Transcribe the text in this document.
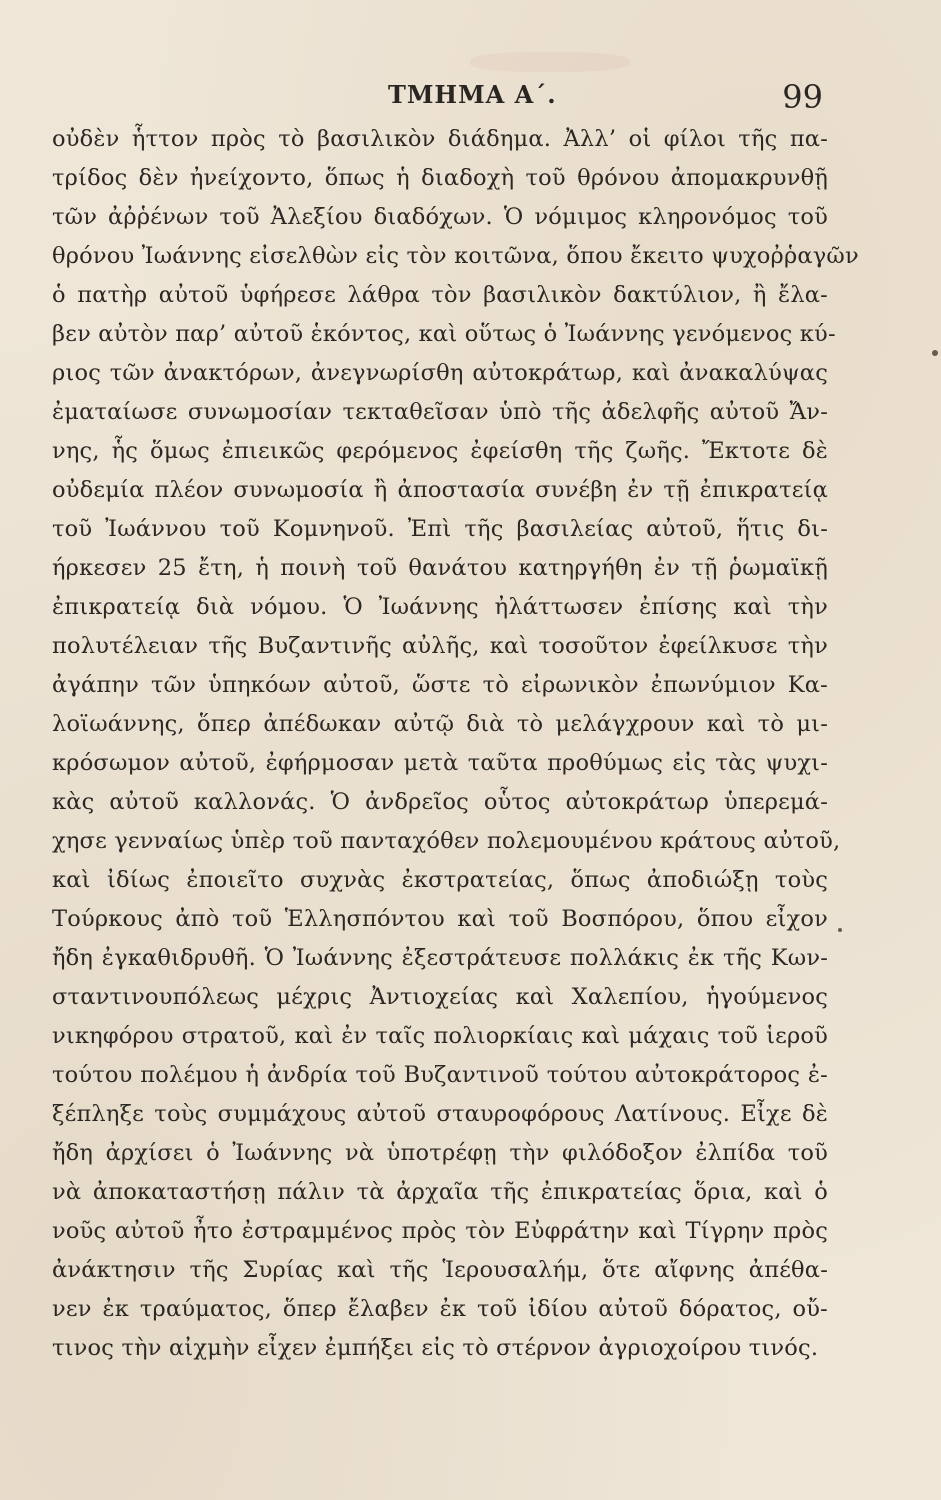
ΤΜΗΜΑ Α΄.	99
οὐδὲν ἧττον πρὸς τὸ βασιλικὸν διάδημα. Ἀλλ’ οἱ φίλοι τῆς πα-
τρίδος δὲν ἠνείχοντο, ὅπως ἡ διαδοχὴ τοῦ θρόνου ἀπομακρυνθῇ
τῶν ἀῤῥένων τοῦ Ἀλεξίου διαδόχων. Ὁ νόμιμος κληρονόμος τοῦ
θρόνου Ἰωάννης εἰσελθὼν εἰς τὸν κοιτῶνα, ὅπου ἔκειτο ψυχοῤῥαγῶν
ὁ πατὴρ αὐτοῦ ὑφήρεσε λάθρα τὸν βασιλικὸν δακτύλιον, ἢ ἔλα-
βεν αὐτὸν παρ’ αὐτοῦ ἑκόντος, καὶ οὕτως ὁ Ἰωάννης γενόμενος κύ-
ριος τῶν ἀνακτόρων, ἀνεγνωρίσθη αὐτοκράτωρ, καὶ ἀνακαλύψας
ἐματαίωσε συνωμοσίαν τεκταθεῖσαν ὑπὸ τῆς ἀδελφῆς αὐτοῦ Ἄν-
νης, ἧς ὅμως ἐπιεικῶς φερόμενος ἐφείσθη τῆς ζωῆς. Ἔκτοτε δὲ
οὐδεμία πλέον συνωμοσία ἢ ἀποστασία συνέβη ἐν τῇ ἐπικρατείᾳ
τοῦ Ἰωάννου τοῦ Κομνηνοῦ. Ἐπὶ τῆς βασιλείας αὐτοῦ, ἥτις δι-
ήρκεσεν 25 ἔτη, ἡ ποινὴ τοῦ θανάτου κατηργήθη ἐν τῇ ῥωμαϊκῇ
ἐπικρατείᾳ διὰ νόμου. Ὁ Ἰωάννης ἠλάττωσεν ἐπίσης καὶ τὴν
πολυτέλειαν τῆς Βυζαντινῆς αὐλῆς, καὶ τοσοῦτον ἐφείλκυσε τὴν
ἀγάπην τῶν ὑπηκόων αὐτοῦ, ὥστε τὸ εἰρωνικὸν ἐπωνύμιον Κα-
λοϊωάννης, ὅπερ ἀπέδωκαν αὐτῷ διὰ τὸ μελάγχρουν καὶ τὸ μι-
κρόσωμον αὐτοῦ, ἐφήρμοσαν μετὰ ταῦτα προθύμως εἰς τὰς ψυχι-
κὰς αὐτοῦ καλλονάς. Ὁ ἀνδρεῖος οὗτος αὐτοκράτωρ ὑπερεμά-
χησε γενναίως ὑπὲρ τοῦ πανταχόθεν πολεμουμένου κράτους αὐτοῦ,
καὶ ἰδίως ἐποιεῖτο συχνὰς ἐκστρατείας, ὅπως ἀποδιώξῃ τοὺς
Τούρκους ἀπὸ τοῦ Ἑλλησπόντου καὶ τοῦ Βοσπόρου, ὅπου εἶχον
ἤδη ἐγκαθιδρυθῆ. Ὁ Ἰωάννης ἐξεστράτευσε πολλάκις ἐκ τῆς Κων-
σταντινουπόλεως μέχρις Ἀντιοχείας καὶ Χαλεπίου, ἡγούμενος
νικηφόρου στρατοῦ, καὶ ἐν ταῖς πολιορκίαις καὶ μάχαις τοῦ ἱεροῦ
τούτου πολέμου ἡ ἀνδρία τοῦ Βυζαντινοῦ τούτου αὐτοκράτορος ἐ-
ξέπληξε τοὺς συμμάχους αὐτοῦ σταυροφόρους Λατίνους. Εἶχε δὲ
ἤδη ἀρχίσει ὁ Ἰωάννης νὰ ὑποτρέφῃ τὴν φιλόδοξον ἐλπίδα τοῦ
νὰ ἀποκαταστήσῃ πάλιν τὰ ἀρχαῖα τῆς ἐπικρατείας ὅρια, καὶ ὁ
νοῦς αὐτοῦ ἦτο ἐστραμμένος πρὸς τὸν Εὐφράτην καὶ Τίγρην πρὸς
ἀνάκτησιν τῆς Συρίας καὶ τῆς Ἱερουσαλήμ, ὅτε αἴφνης ἀπέθα-
νεν ἐκ τραύματος, ὅπερ ἔλαβεν ἐκ τοῦ ἰδίου αὐτοῦ δόρατος, οὔ-
τινος τὴν αἰχμὴν εἶχεν ἐμπήξει εἰς τὸ στέρνον ἀγριοχοίρου τινός.
